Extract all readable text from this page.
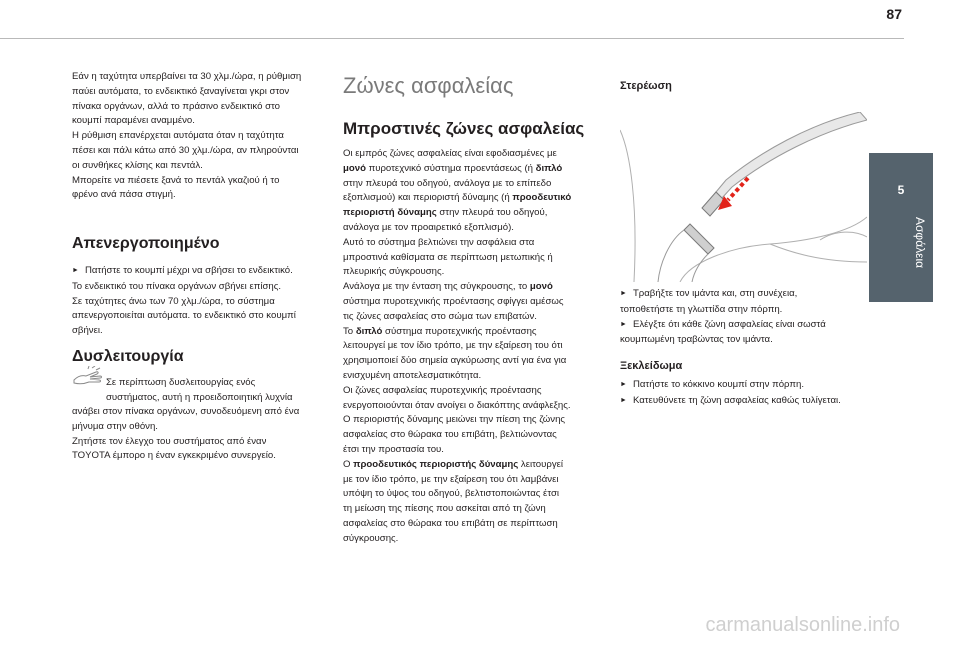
87
5
Ασφάλεια

Εάν η ταχύτητα υπερβαίνει τα 30 χλμ./ώρα, η ρύθμιση

παύει αυτόματα, το ενδεικτικό ξαναγίνεται γκρι στον

πίνακα οργάνων, αλλά το πράσινο ενδεικτικό στο

κουμπί παραμένει αναμμένο.

Η ρύθμιση επανέρχεται αυτόματα όταν η ταχύτητα

πέσει και πάλι κάτω από 30 χλμ./ώρα, αν πληρούνται

οι συνθήκες κλίσης και πεντάλ.

Μπορείτε να πιέσετε ξανά το πεντάλ γκαζιού ή το

φρένο ανά πάσα στιγμή.

Απενεργοποιημένο

► Πατήστε το κουμπί μέχρι να σβήσει το ενδεικτικό.

Το ενδεικτικό του πίνακα οργάνων σβήνει επίσης.

Σε ταχύτητες άνω των 70 χλμ./ώρα, το σύστημα

απενεργοποιείται αυτόματα. το ενδεικτικό στο κουμπί

σβήνει.

Δυσλειτουργία

Σε περίπτωση δυσλειτουργίας ενός

συστήματος, αυτή η προειδοποιητική λυχνία

ανάβει στον πίνακα οργάνων, συνοδευόμενη από ένα

μήνυμα στην οθόνη.

Ζητήστε τον έλεγχο του συστήματος από έναν

TOYOTA έμπορο η έναν εγκεκριμένο συνεργείο.

Ζώνες ασφαλείας
Μπροστινές ζώνες ασφαλείας

Οι εμπρός ζώνες ασφαλείας είναι εφοδιασμένες με

μονό πυροτεχνικό σύστημα προεντάσεως (ή διπλό

στην πλευρά του οδηγού, ανάλογα με το επίπεδο

εξοπλισμού) και περιοριστή δύναμης (ή προοδευτικό

περιοριστή δύναμης στην πλευρά του οδηγού,

ανάλογα με τον προαιρετικό εξοπλισμό).

Αυτό το σύστημα βελτιώνει την ασφάλεια στα

μπροστινά καθίσματα σε περίπτωση μετωπικής ή

πλευρικής σύγκρουσης.

Ανάλογα με την ένταση της σύγκρουσης, το μονό

σύστημα πυροτεχνικής προέντασης σφίγγει αμέσως

τις ζώνες ασφαλείας στο σώμα των επιβατών.

Το διπλό σύστημα πυροτεχνικής προέντασης

λειτουργεί με τον ίδιο τρόπο, με την εξαίρεση του ότι

χρησιμοποιεί δύο σημεία αγκύρωσης αντί για ένα για

ενισχυμένη αποτελεσματικότητα.

Οι ζώνες ασφαλείας πυροτεχνικής προέντασης

ενεργοποιούνται όταν ανοίγει ο διακόπτης ανάφλεξης.

Ο περιοριστής δύναμης μειώνει την πίεση της ζώνης

ασφαλείας στο θώρακα του επιβάτη, βελτιώνοντας

έτσι την προστασία του.

Ο προοδευτικός περιοριστής δύναμης λειτουργεί

με τον ίδιο τρόπο, με την εξαίρεση του ότι λαμβάνει

υπόψη το ύψος του οδηγού, βελτιστοποιώντας έτσι

τη μείωση της πίεσης που ασκείται από τη ζώνη

ασφαλείας στο θώρακα του επιβάτη σε περίπτωση

σύγκρουσης.

Στερέωση

► Τραβήξτε τον ιμάντα και, στη συνέχεια,

τοποθετήστε τη γλωττίδα στην πόρπη.

► Ελέγξτε ότι κάθε ζώνη ασφαλείας είναι σωστά

κουμπωμένη τραβώντας τον ιμάντα.

Ξεκλείδωμα

► Πατήστε το κόκκινο κουμπί στην πόρπη.

► Κατευθύνετε τη ζώνη ασφαλείας καθώς τυλίγεται.

carmanualsonline.info
